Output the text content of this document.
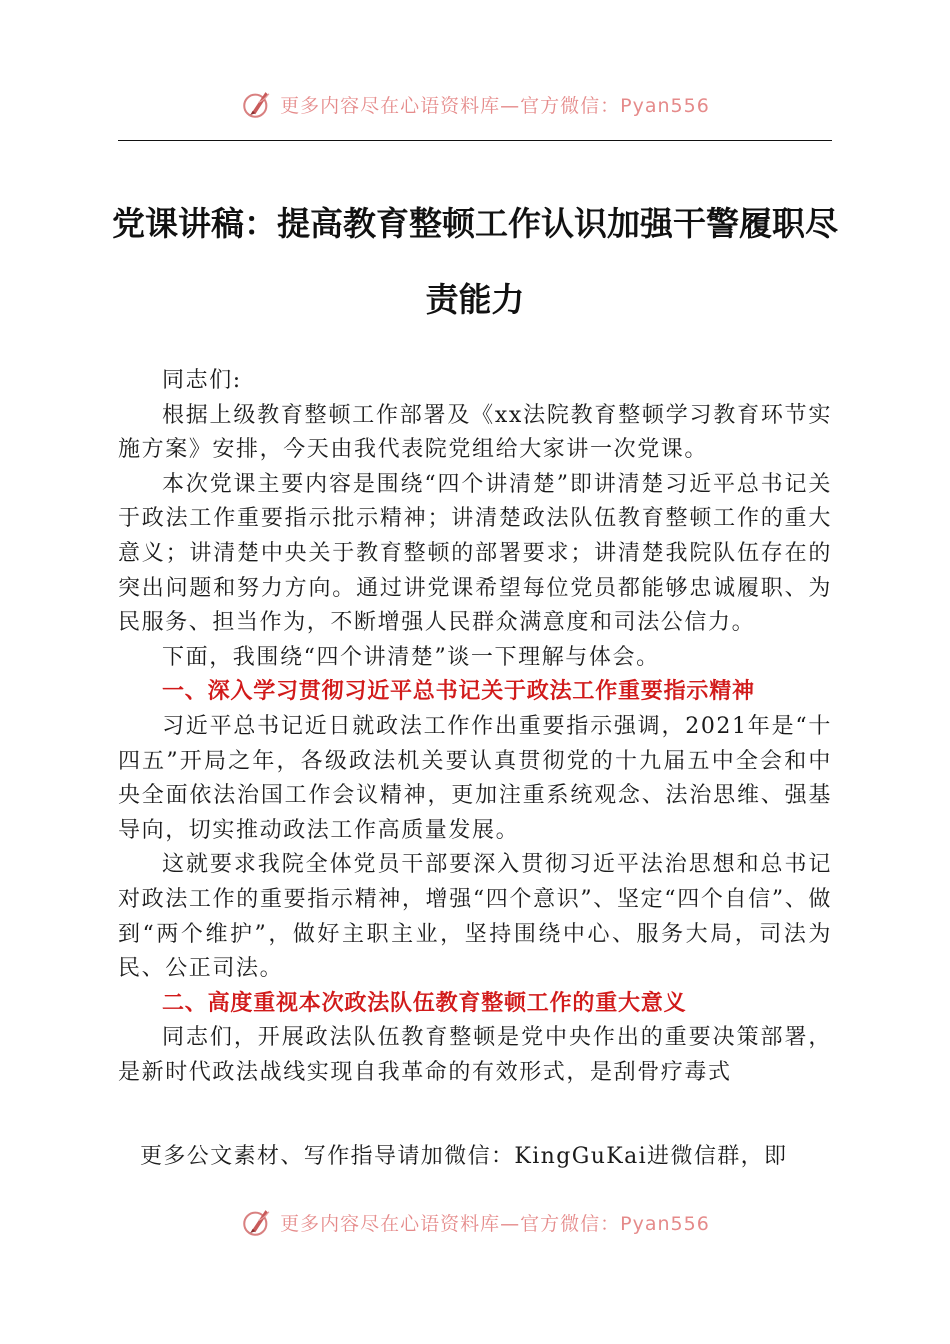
更多内容尽在心语资料库—官方微信：Pyan556
党课讲稿：提高教育整顿工作认识加强干警履职尽责能力

同志们:

根据上级教育整顿工作部署及《xx法院教育整顿学习教育环节实施方案》安排，今天由我代表院党组给大家讲一次党课。

本次党课主要内容是围绕“四个讲清楚”即讲清楚习近平总书记关于政法工作重要指示批示精神；讲清楚政法队伍教育整顿工作的重大意义；讲清楚中央关于教育整顿的部署要求；讲清楚我院队伍存在的突出问题和努力方向。通过讲党课希望每位党员都能够忠诚履职、为民服务、担当作为，不断增强人民群众满意度和司法公信力。

下面，我围绕“四个讲清楚”谈一下理解与体会。

一、深入学习贯彻习近平总书记关于政法工作重要指示精神

习近平总书记近日就政法工作作出重要指示强调，2021年是“十四五”开局之年，各级政法机关要认真贯彻党的十九届五中全会和中央全面依法治国工作会议精神，更加注重系统观念、法治思维、强基导向，切实推动政法工作高质量发展。

这就要求我院全体党员干部要深入贯彻习近平法治思想和总书记对政法工作的重要指示精神，增强“四个意识”、坚定“四个自信”、做到“两个维护”，做好主职主业，坚持围绕中心、服务大局，司法为民、公正司法。

二、高度重视本次政法队伍教育整顿工作的重大意义

同志们，开展政法队伍教育整顿是党中央作出的重要决策部署，是新时代政法战线实现自我革命的有效形式，是刮骨疗毒式

更多公文素材、写作指导请加微信：KingGuKai进微信群，即
更多内容尽在心语资料库—官方微信：Pyan556
